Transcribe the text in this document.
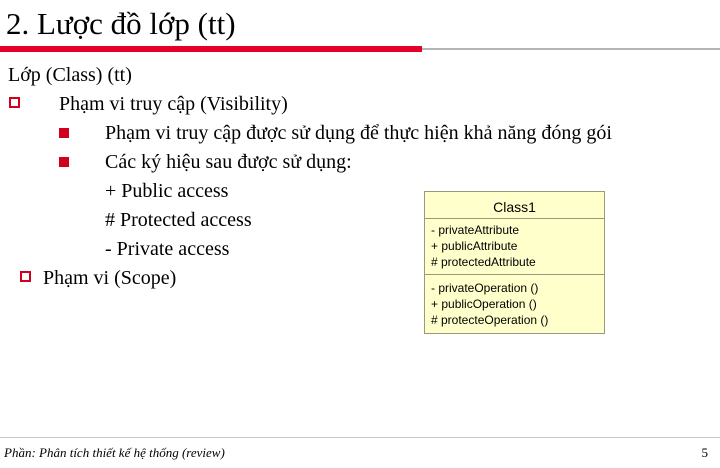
2. Lược đồ lớp (tt)
Lớp (Class) (tt)
Phạm vi truy cập (Visibility)
Phạm vi truy cập được sử dụng để thực hiện khả năng đóng gói
Các ký hiệu sau được sử dụng:
+ Public access
# Protected access
- Private access
Phạm vi (Scope)
Class1
- privateAttribute
+ publicAttribute
# protectedAttribute
- privateOperation ()
+ publicOperation ()
# protecteOperation ()
Phần: Phân tích thiết kế hệ thống (review)	5
